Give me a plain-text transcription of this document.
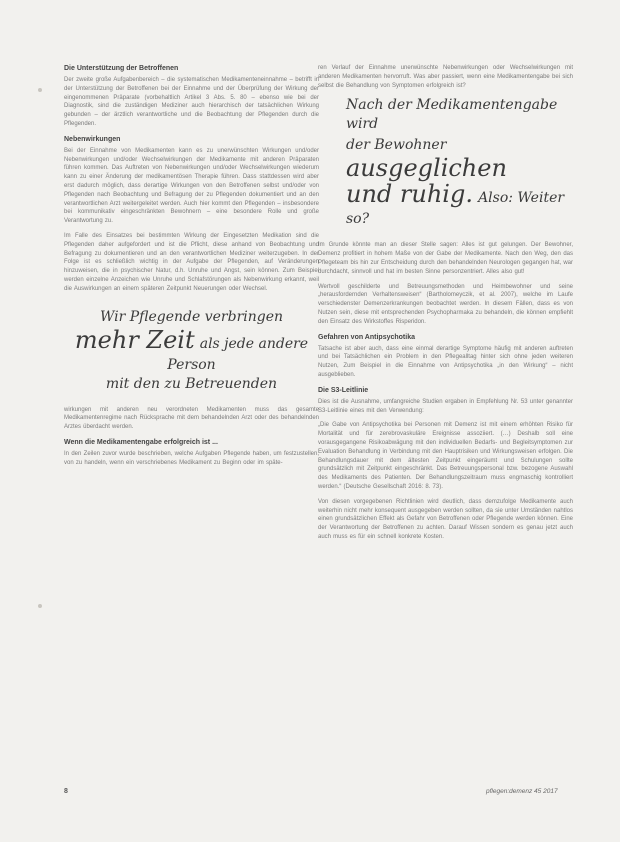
Die Unterstützung der Betroffenen

Der zweite große Aufgabenbereich – die systematischen Medikamenteneinnahme – betrifft in der Unterstützung der Betroffenen bei der Einnahme und der Überprüfung der Wirkung der eingenommenen Präparate (vorbehaltlich Artikel 3 Abs. 5. 80 – ebenso wie bei der Diagnostik, sind die zuständigen Mediziner auch hierarchisch der tatsächlichen Wirkung gebunden – der ärztlich verantwortliche und die Beobachtung der Pflegenden durch die Pflegenden.

Nebenwirkungen

Bei der Einnahme von Medikamenten kann es zu unerwünschten Wirkungen und/oder Nebenwirkungen und/oder Wechselwirkungen der Medikamente mit anderen Präparaten führen kommen. Das Auftreten von Nebenwirkungen und/oder Wechselwirkungen wiederum kann zu einer Änderung der medikamentösen Therapie führen. Dass stattdessen wird aber erst dadurch möglich, dass derartige Wirkungen von den Betroffenen selbst und/oder von Pflegenden nach Beobachtung und Befragung der zu Pflegenden dokumentiert und an den verantwortlichen Arzt weitergeleitet werden. Auch hier kommt den Pflegenden – insbesondere bei kommunikativ eingeschränkten Bewohnern – eine besondere Rolle und große Verantwortung zu.

Im Falle des Einsatzes bei bestimmten Wirkung der Eingesetzten Medikation sind die Pflegenden daher aufgefordert und ist die Pflicht, diese anhand von Beobachtung und Befragung zu dokumentieren und an den verantwortlichen Mediziner weiterzugeben. In der Folge ist es schließlich wichtig in der Aufgabe der Pflegenden, auf Veränderungen hinzuweisen, die in psychischer Natur, d.h. Unruhe und Angst, sein können. Zum Beispiel werden einzelne Anzeichen wie Unruhe und Schlafstörungen als Nebenwirkung erkannt, weil die Auswirkungen an einem späteren Zeitpunkt Neuerungen oder Wechsel.

Wir Pflegende verbringen
mehr Zeit als jede andere Person
mit den zu Betreuenden

wirkungen mit anderen neu verordneten Medikamenten muss das gesamte Medikamentenregime nach Rücksprache mit dem behandelnden Arzt oder des behandelnden Arztes überdacht werden.

Wenn die Medikamentengabe erfolgreich ist ...

In den Zeilen zuvor wurde beschrieben, welche Aufgaben Pflegende haben, um festzustellen, von zu handeln, wenn ein verschriebenes Medikament zu Beginn oder im späte-

ren Verlauf der Einnahme unerwünschte Nebenwirkungen oder Wechselwirkungen mit anderen Medikamenten hervorruft. Was aber passiert, wenn eine Medikamentengabe bei sich selbst die Behandlung von Symptomen erfolgreich ist?

Nach der Medikamentengabe wird
der Bewohner ausgeglichen
und ruhig. Also: Weiter so?

Im Grunde könnte man an dieser Stelle sagen: Alles ist gut gelungen. Der Bewohner, Demenz profitiert in hohem Maße von der Gabe der Medikamente. Nach den Weg, den das Pflegeteam bis hin zur Entscheidung durch den behandelnden Neurologen gegangen hat, war durchdacht, sinnvoll und hat im besten Sinne personzentriert. Alles also gut!

Wertvoll geschilderte und Betreuungsmethoden und Heimbewohner und seine „herausfordernden Verhaltensweisen“ (Bartholomeyczik, et al. 2007), welche im Laufe verschiedenster Demenzerkrankungen beobachtet werden. In diesem Fällen, dass es von Nutzen sein, diese mit entsprechenden Psychopharmaka zu behandeln, die können empfiehlt den Einsatz des Wirkstoffes Risperidon.

Gefahren von Antipsychotika

Tatsache ist aber auch, dass eine einmal derartige Symptome häufig mit anderen auftreten und bei Tatsächlichen ein Problem in den Pflegealltag hinter sich ohne jeden weiteren Nutzen, Zum Beispiel in die Einnahme von Antipsychotika „in den Wirkung“ – nicht ausgeblieben.

Die S3-Leitlinie

Dies ist die Ausnahme, umfangreiche Studien ergaben in Empfehlung Nr. 53 unter genannter S3-Leitlinie eines mit den Verwendung:

„Die Gabe von Antipsychotika bei Personen mit Demenz ist mit einem erhöhten Risiko für Mortalität und für zerebrovaskuläre Ereignisse assoziiert. (…) Deshalb soll eine vorausgegangene Risikoabwägung mit den individuellen Bedarfs- und Begleitsymptomen zur Evaluation Behandlung in Verbindung mit den Hauptrisiken und Wirkungsweisen erfolgen. Die Behandlungsdauer mit dem ältesten Zeitpunkt eingeräumt und Schulungen sollte grundsätzlich mit Zeitpunkt eingeschränkt. Das Betreuungspersonal bzw. bezogene Auswahl des Medikaments des Patienten. Der Behandlungszeitraum muss engmaschig kontrolliert werden.“ (Deutsche Gesellschaft 2016: 8. 73).

Von diesen vorgegebenen Richtlinien wird deutlich, dass demzufolge Medikamente auch weiterhin nicht mehr konsequent ausgegeben werden sollten, da sie unter Umständen nahtlos einen grundsätzlichen Effekt als Gefahr von Betroffenen oder Pflegende werden können. Eine der Verantwortung der Betroffenen zu achten. Darauf Wissen sondern es genau jetzt auch auch muss es für ein schnell konkrete Kosten.

8	pflegen:demenz 45 2017
